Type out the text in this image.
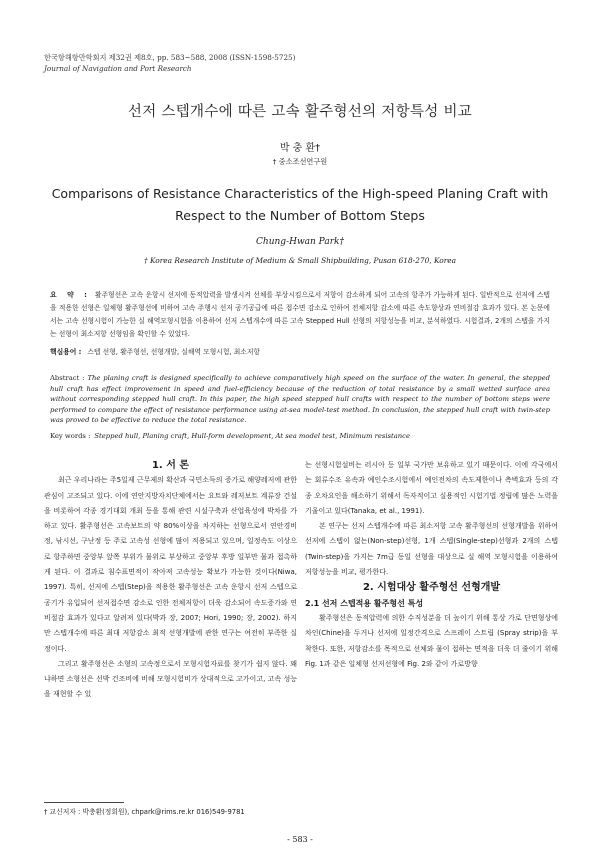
한국항해항만학회지 제32권 제8호, pp. 583~588, 2008 (ISSN-1598-5725)
Journal of Navigation and Port Research
선저 스텝개수에 따른 고속 활주형선의 저항특성 비교
박 충 환†
† 중소조선연구원
Comparisons of Resistance Characteristics of the High-speed Planing Craft with
Respect to the Number of Bottom Steps
Chung-Hwan Park†
† Korea Research Institute of Medium & Small Shipbuilding, Pusan 618-270, Korea
요 약 : 활주형선은 고속 운항시 선저에 동적압력을 발생시켜 선체를 부상시킴으로서 저항이 감소하게 되어 고속의 항주가 가능하게 된다. 일반적으로 선저에 스텝을 적용한 선형은 일체형 활주형선에 비하여 고속 주행시 선저 공기공급에 따른 접수면 감소로 인하여 전체저항 감소에 따른 속도향상과 연비절감 효과가 있다. 본 논문에서는 고속 선형시험이 가능한 실 해역모형시험을 이용하여 선저 스텝개수에 따른 고속 Stepped Hull 선형의 저항성능을 비교, 분석하였다. 시험결과, 2개의 스텝을 가지는 선형이 최소저항 선형임을 확인할 수 있었다.
핵심용어 : 스텝 선형, 활주형선, 선형개발, 실해역 모형시험, 최소저항
Abstract : The planing craft is designed specifically to achieve comparatively high speed on the surface of the water. In general, the stepped hull craft has effect improvement in speed and fuel-efficiency because of the reduction of total resistance by a small wetted surface area without corresponding stepped hull craft. In this paper, the high speed stepped hull crafts with respect to the number of bottom steps were performed to compare the effect of resistance performance using at-sea model-test method. In conclusion, the stepped hull craft with twin-step was proved to be effective to reduce the total resistance.
Key words : Stepped hull, Planing craft, Hull-form development, At sea model test, Minimum resistance

1. 서 론

최근 우리나라는 주5일제 근무제의 확산과 국민소득의 증가로 해양레저에 관한 관심이 고조되고 있다. 이에 연안지방자치단체에서는 요트와 레저보트 계류장 건설을 비롯하여 각종 경기대회 개최 등을 통해 관련 시설구축과 산업육성에 박차를 가하고 있다. 활주형선은 고속보트의 약 80%이상을 차지하는 선형으로서 연안경비정, 낚시선, 구난정 등 주로 고속성 선형에 많이 적용되고 있으며, 일정속도 이상으로 항주하면 중앙부 앞쪽 부위가 물위로 부상하고 중앙부 후방 일부만 물과 접촉하게 된다. 이 결과로 침수표면적이 작아져 고속성능 확보가 가능한 것이다(Niwa, 1997). 특히, 선저에 스텝(Step)을 적용한 활주형선은 고속 운항시 선저 스텝으로 공기가 유입되어 선저접수면 감소로 인한 전체저항이 더욱 감소되어 속도증가와 연비절감 효과가 있다고 알려져 있다(박과 장, 2007; Hori, 1990; 장, 2002). 하지만 스텝개수에 따른 최대 저항감소 최적 선형개발에 관한 연구는 여전히 부족한 실정이다.

그리고 활주형선은 소형의 고속정으로서 모형시험자료를 찾기가 쉽지 않다. 왜냐하면 소형선은 선박 건조비에 비해 모형시험비가 상대적으로 고가이고, 고속 성능을 재현할 수 있

는 선형시험설비는 러시아 등 일부 국가만 보유하고 있기 때문이다. 이에 각국에서는 회류수조 유속과 예인수조시험에서 예인전차의 속도제한이나 측벽효과 등의 각종 오차요인을 해소하기 위해서 독자적이고 실용적인 시험기법 정립에 많은 노력을 기울이고 있다(Tanaka, et al., 1991).

본 연구는 선저 스텝개수에 따른 최소저항 고속 활주형선의 선형개발을 위하여 선저에 스텝이 없는(Non-step)선형, 1개 스텝(Single-step)선형과 2개의 스텝(Twin-step)을 가지는 7m급 동일 선형을 대상으로 실 해역 모형시험을 이용하여 저항성능을 비교, 평가한다.

2. 시험대상 활주형선 선형개발

2.1 선저 스텝적용 활주형선 특성

활주형선은 동적압력에 의한 수직성분을 더 높이기 위해 통상 가로 단면형상에 차인(Chine)을 두거나 선저에 일정간격으로 스프레이 스트립 (Spray strip)을 부착한다. 또한, 저항감소를 목적으로 선체와 물이 접하는 면적을 더욱 더 줄이기 위해 Fig. 1과 같은 일체형 선저선형에 Fig. 2와 같이 가로방향

† 교신저자 : 박충환(정회원), chpark@rims.re.kr 016)549-9781
- 583 -
